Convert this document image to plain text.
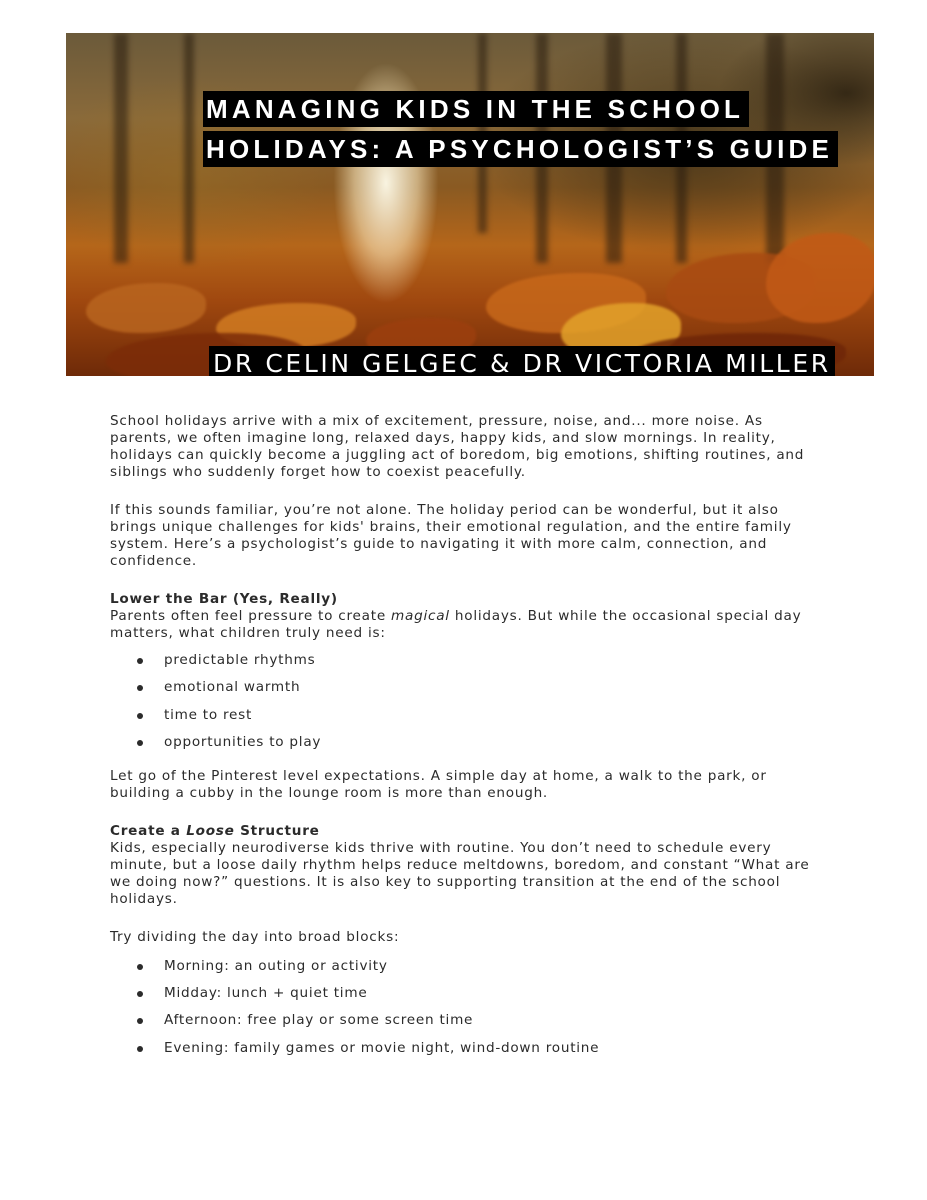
MANAGING KIDS IN THE SCHOOL
HOLIDAYS: A PSYCHOLOGIST’S GUIDE
DR CELIN GELGEC & DR VICTORIA MILLER

School holidays arrive with a mix of excitement, pressure, noise, and... more noise. As parents, we often imagine long, relaxed days, happy kids, and slow mornings. In reality, holidays can quickly become a juggling act of boredom, big emotions, shifting routines, and siblings who suddenly forget how to coexist peacefully.

If this sounds familiar, you’re not alone. The holiday period can be wonderful, but it also brings unique challenges for kids' brains, their emotional regulation, and the entire family system. Here’s a psychologist’s guide to navigating it with more calm, connection, and confidence.

Lower the Bar (Yes, Really)

Parents often feel pressure to create magical holidays. But while the occasional special day matters, what children truly need is:

predictable rhythms
emotional warmth
time to rest
opportunities to play

Let go of the Pinterest level expectations. A simple day at home, a walk to the park, or building a cubby in the lounge room is more than enough.

Create a Loose Structure

Kids, especially neurodiverse kids thrive with routine. You don’t need to schedule every minute, but a loose daily rhythm helps reduce meltdowns, boredom, and constant “What are we doing now?” questions. It is also key to supporting transition at the end of the school holidays.

Try dividing the day into broad blocks:

Morning: an outing or activity
Midday: lunch + quiet time
Afternoon: free play or some screen time
Evening: family games or movie night, wind-down routine
